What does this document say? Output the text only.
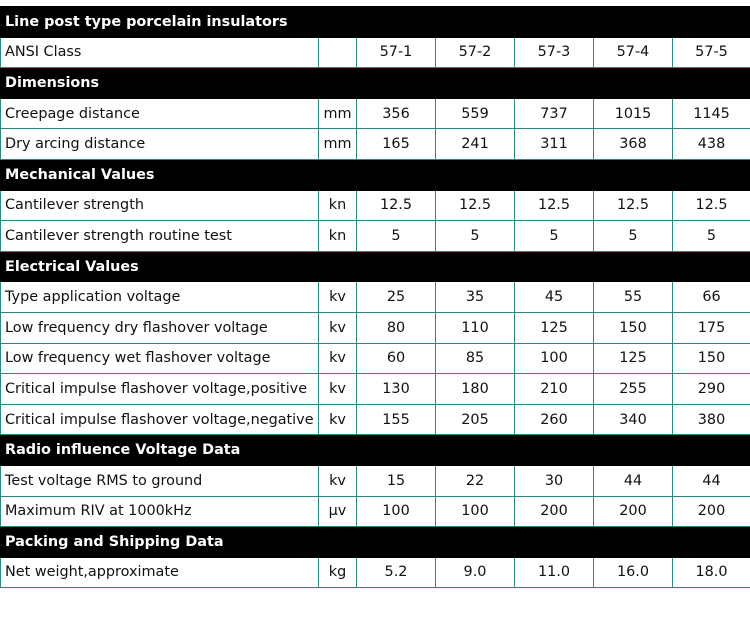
Line post type porcelain insulators						
ANSI Class		57-1	57-2	57-3	57-4	57-5
Dimensions						
Creepage distance	mm	356	559	737	1015	1145
Dry arcing distance	mm	165	241	311	368	438
Mechanical Values						
Cantilever strength	kn	12.5	12.5	12.5	12.5	12.5
Cantilever strength routine test	kn	5	5	5	5	5
Electrical Values						
Type application voltage	kv	25	35	45	55	66
Low frequency dry flashover voltage	kv	80	110	125	150	175
Low frequency wet flashover voltage	kv	60	85	100	125	150
Critical impulse flashover voltage,positive	kv	130	180	210	255	290
Critical impulse flashover voltage,negative	kv	155	205	260	340	380
Radio influence Voltage Data						
Test voltage RMS to ground	kv	15	22	30	44	44
Maximum RIV at 1000kHz	μv	100	100	200	200	200
Packing and Shipping Data						
Net weight,approximate	kg	5.2	9.0	11.0	16.0	18.0
